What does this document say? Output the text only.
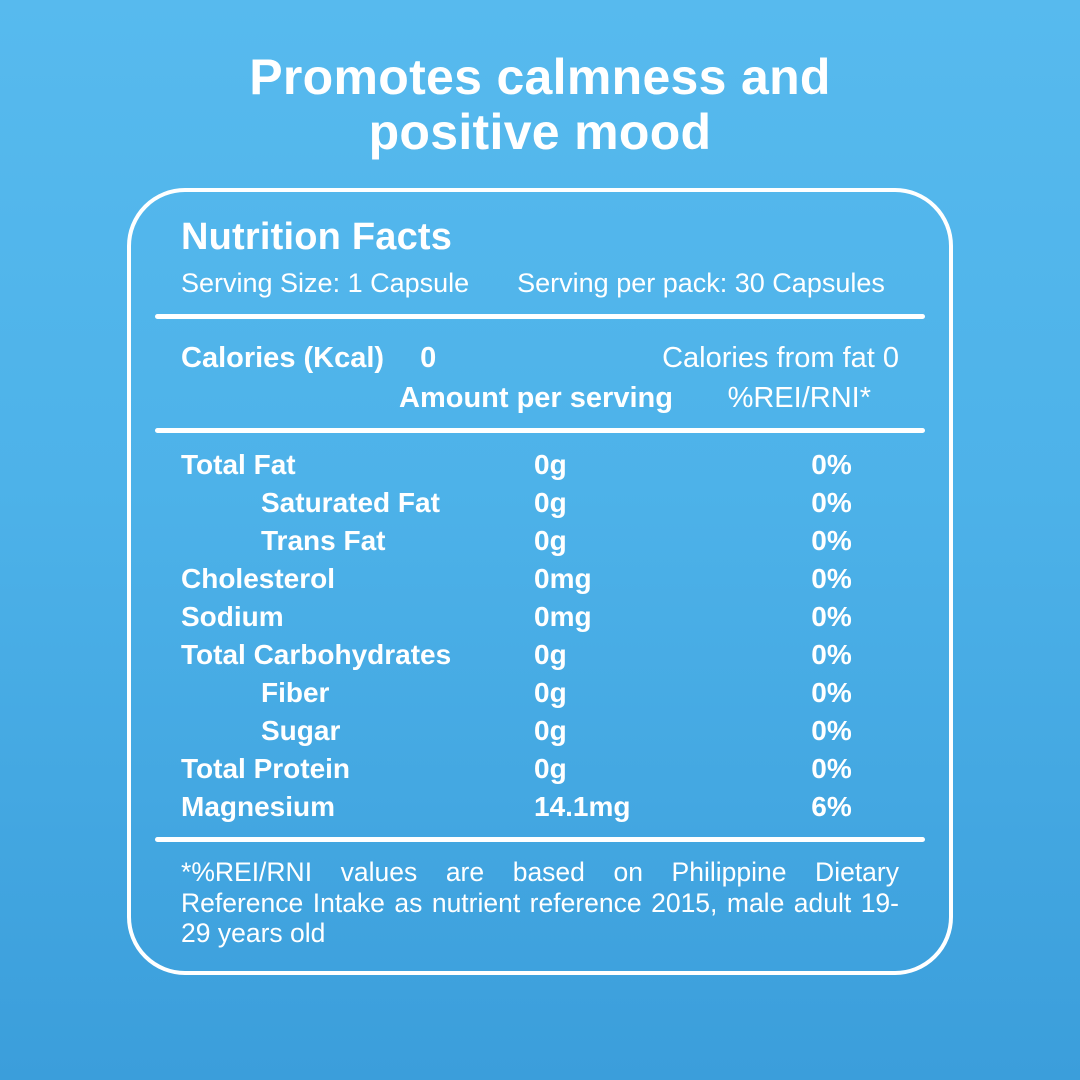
Promotes calmness and positive mood
Nutrition Facts
Serving Size: 1 Capsule Serving per pack: 30 Capsules
Calories (Kcal) 0	Calories from fat 0
Amount per serving %REI/RNI*
Total Fat	0g	0%
Saturated Fat	0g	0%
Trans Fat	0g	0%
Cholesterol	0mg	0%
Sodium	0mg	0%
Total Carbohydrates	0g	0%
Fiber	0g	0%
Sugar	0g	0%
Total Protein	0g	0%
Magnesium	14.1mg	6%

*%REI/RNI values are based on Philippine Dietary Reference Intake as nutrient reference 2015, male adult 19-29 years old
